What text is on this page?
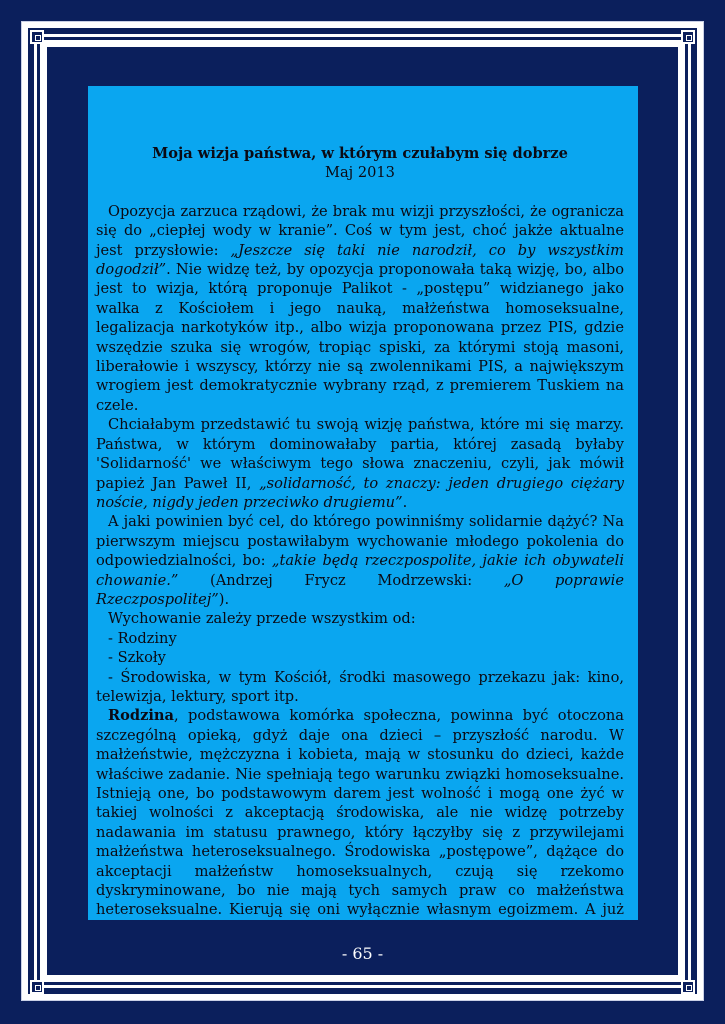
Moja wizja państwa, w którym czułabym się dobrze

Maj 2013

Opozycja zarzuca rządowi, że brak mu wizji przyszłości, że ogranicza się do „ciepłej wody w kranie”. Coś w tym jest, choć jakże aktualne jest przysłowie: „Jeszcze się taki nie narodził, co by wszystkim dogodził”. Nie widzę też, by opozycja proponowała taką wizję, bo, albo jest to wizja, którą proponuje Palikot - „postępu” widzianego jako walka z Kościołem i jego nauką, małżeństwa homoseksualne, legalizacja narkotyków itp., albo wizja proponowana przez PIS, gdzie wszędzie szuka się wrogów, tropiąc spiski, za którymi stoją masoni, liberałowie i wszyscy, którzy nie są zwolennikami PIS, a największym wrogiem jest demokratycznie wybrany rząd, z premierem Tuskiem na czele.

Chciałabym przedstawić tu swoją wizję państwa, które mi się marzy. Państwa, w którym dominowałaby partia, której zasadą byłaby 'Solidarność' we właściwym tego słowa znaczeniu, czyli, jak mówił papież Jan Paweł II, „solidarność, to znaczy: jeden drugiego ciężary noście, nigdy jeden przeciwko drugiemu”.

A jaki powinien być cel, do którego powinniśmy solidarnie dążyć? Na pierwszym miejscu postawiłabym wychowanie młodego pokolenia do odpowiedzialności, bo: „takie będą rzeczpospolite, jakie ich obywateli chowanie.” (Andrzej Frycz Modrzewski: „O poprawie Rzeczpospolitej”).

Wychowanie zależy przede wszystkim od:

- Rodziny

- Szkoły

- Środowiska, w tym Kościół, środki masowego przekazu jak: kino, telewizja, lektury, sport itp.

Rodzina, podstawowa komórka społeczna, powinna być otoczona szczególną opieką, gdyż daje ona dzieci – przyszłość narodu. W małżeństwie, mężczyzna i kobieta, mają w stosunku do dzieci, każde właściwe zadanie. Nie spełniają tego warunku związki homoseksualne. Istnieją one, bo podstawowym darem jest wolność i mogą one żyć w takiej wolności z akceptacją środowiska, ale nie widzę potrzeby nadawania im statusu prawnego, który łączyłby się z przywilejami małżeństwa heteroseksualnego. Środowiska „postępowe”, dążące do akceptacji małżeństw homoseksualnych, czują się rzekomo dyskryminowane, bo nie mają tych samych praw co małżeństwa heteroseksualne. Kierują się oni wyłącznie własnym egoizmem. A już

- 65 -
